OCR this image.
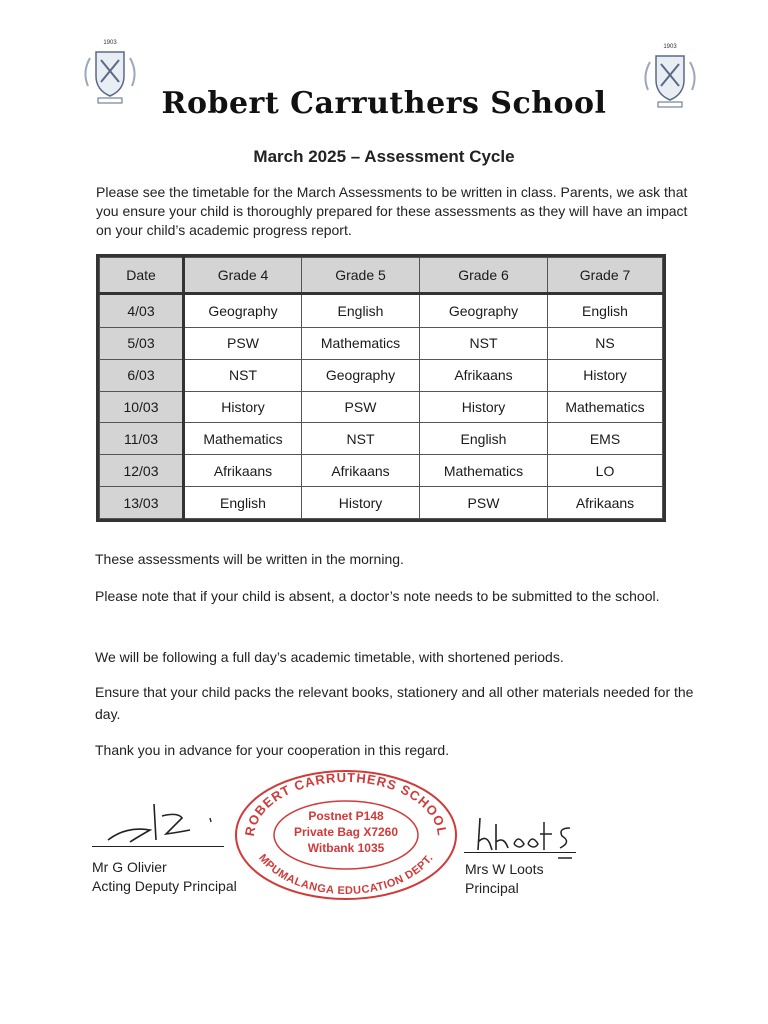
1903
1903
Robert Carruthers School
March 2025 – Assessment Cycle
Please see the timetable for the March Assessments to be written in class. Parents, we ask that you ensure your child is thoroughly prepared for these assessments as they will have an impact on your child’s academic progress report.
Date	Grade 4	Grade 5	Grade 6	Grade 7
4/03	Geography	English	Geography	English
5/03	PSW	Mathematics	NST	NS
6/03	NST	Geography	Afrikaans	History
10/03	History	PSW	History	Mathematics
11/03	Mathematics	NST	English	EMS
12/03	Afrikaans	Afrikaans	Mathematics	LO
13/03	English	History	PSW	Afrikaans
These assessments will be written in the morning.
Please note that if your child is absent, a doctor’s note needs to be submitted to the school.
We will be following a full day’s academic timetable, with shortened periods.
Ensure that your child packs the relevant books, stationery and all other materials needed for the day.
Thank you in advance for your cooperation in this regard.
Mr G Olivier
Acting Deputy Principal
ROBERT CARRUTHERS SCHOOL
MPUMALANGA EDUCATION DEPT.
Postnet P148
Private Bag X7260
Witbank 1035
Mrs W Loots
Principal
